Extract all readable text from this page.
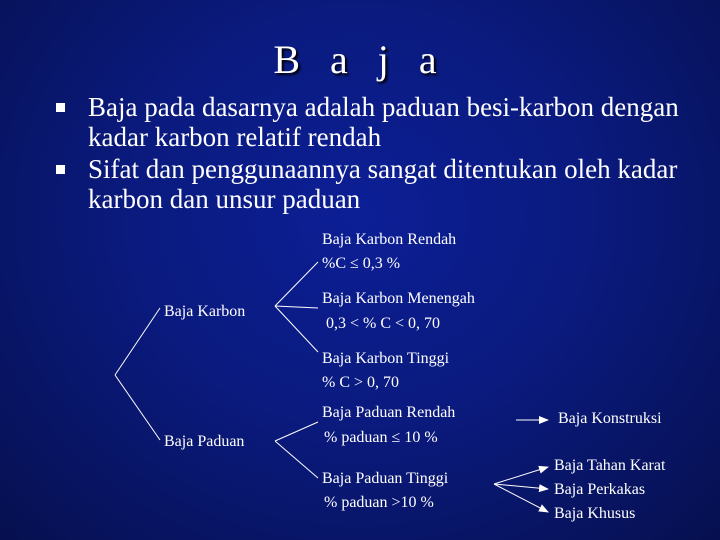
B a j a
Baja pada dasarnya adalah paduan besi-karbon dengan kadar karbon relatif rendah
Sifat dan penggunaannya sangat ditentukan oleh kadar karbon dan unsur paduan
Baja Karbon Rendah
%C ≤ 0,3 %
Baja Karbon
Baja Karbon Menengah
0,3 < % C < 0, 70
Baja Karbon Tinggi
% C > 0, 70
Baja Paduan Rendah
% paduan ≤ 10 %
Baja Paduan
Baja Paduan Tinggi
% paduan >10 %
Baja Konstruksi
Baja Tahan Karat
Baja Perkakas
Baja Khusus
